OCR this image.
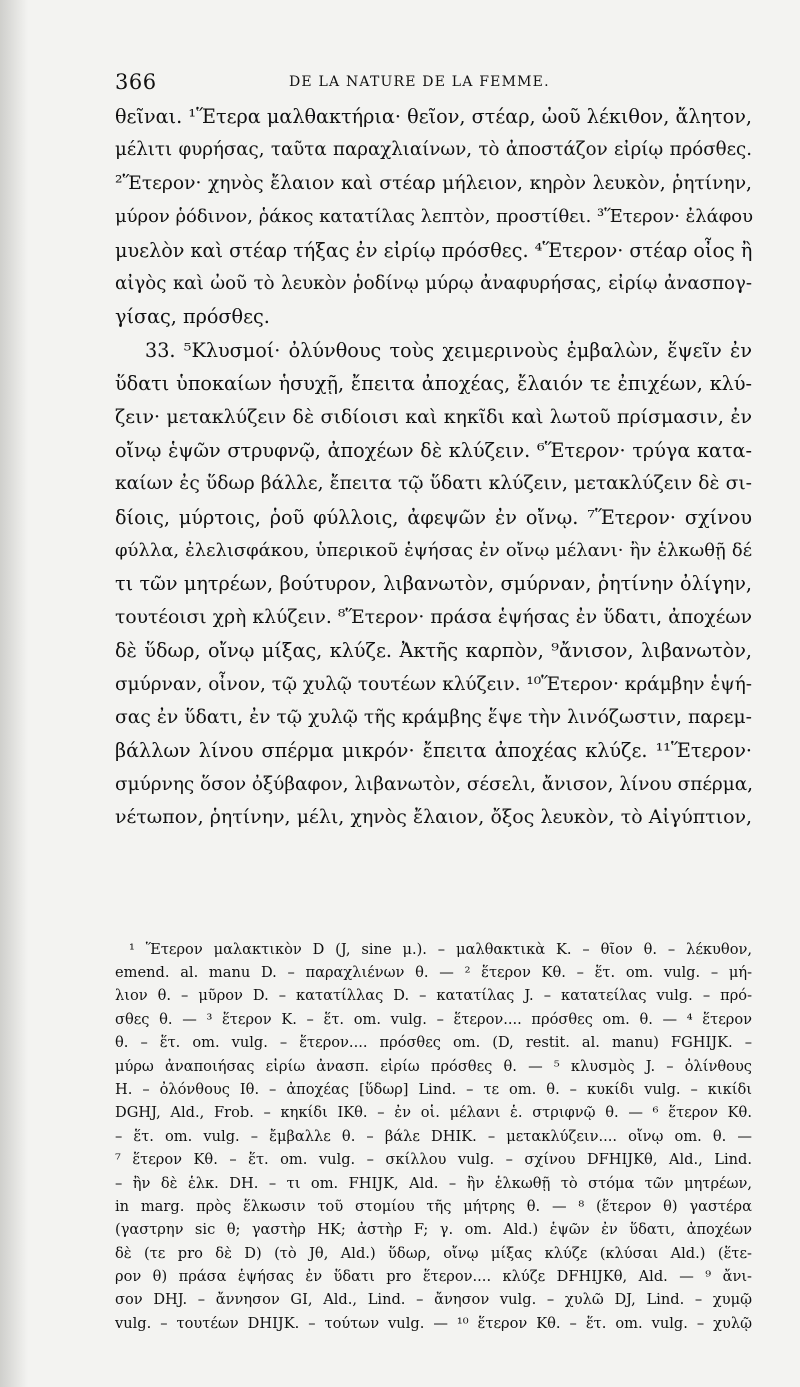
366	DE LA NATURE DE LA FEMME.
θεῖναι. ¹Ἕτερα μαλθακτήρια· θεῖον, στέαρ, ὠοῦ λέκιθον, ἄλητον,
μέλιτι φυρήσας, ταῦτα παραχλιαίνων, τὸ ἀποστάζον εἰρίῳ πρόσθες.
²Ἕτερον· χηνὸς ἔλαιον καὶ στέαρ μήλειον, κηρὸν λευκὸν, ῥητίνην,
μύρον ῥόδινον, ῥάκος κατατίλας λεπτὸν, προστίθει. ³Ἕτερον· ἐλάφου
μυελὸν καὶ στέαρ τήξας ἐν εἰρίῳ πρόσθες. ⁴Ἕτερον· στέαρ οἶος ἢ
αἰγὸς καὶ ὠοῦ τὸ λευκὸν ῥοδίνῳ μύρῳ ἀναφυρήσας, εἰρίῳ ἀνασπογ-
γίσας, πρόσθες.
33. ⁵Κλυσμοί· ὀλύνθους τοὺς χειμερινοὺς ἐμβαλὼν, ἕψεῖν ἐν
ὕδατι ὑποκαίων ἡσυχῇ, ἔπειτα ἀποχέας, ἔλαιόν τε ἐπιχέων, κλύ-
ζειν· μετακλύζειν δὲ σιδίοισι καὶ κηκῖδι καὶ λωτοῦ πρίσμασιν, ἐν
οἴνῳ ἑψῶν στρυφνῷ, ἀποχέων δὲ κλύζειν. ⁶Ἕτερον· τρύγα κατα-
καίων ἐς ὕδωρ βάλλε, ἔπειτα τῷ ὕδατι κλύζειν, μετακλύζειν δὲ σι-
δίοις, μύρτοις, ῥοῦ φύλλοις, ἀφεψῶν ἐν οἴνῳ. ⁷Ἕτερον· σχίνου
φύλλα, ἐλελισφάκου, ὑπερικοῦ ἑψήσας ἐν οἴνῳ μέλανι· ἢν ἑλκωθῇ δέ
τι τῶν μητρέων, βούτυρον, λιβανωτὸν, σμύρναν, ῥητίνην ὀλίγην,
τουτέοισι χρὴ κλύζειν. ⁸Ἕτερον· πράσα ἑψήσας ἐν ὕδατι, ἀποχέων
δὲ ὕδωρ, οἴνῳ μίξας, κλύζε. Ἀκτῆς καρπὸν, ⁹ἄνισον, λιβανωτὸν,
σμύρναν, οἶνον, τῷ χυλῷ τουτέων κλύζειν. ¹⁰Ἕτερον· κράμβην ἑψή-
σας ἐν ὕδατι, ἐν τῷ χυλῷ τῆς κράμβης ἕψε τὴν λινόζωστιν, παρεμ-
βάλλων λίνου σπέρμα μικρόν· ἔπειτα ἀποχέας κλύζε. ¹¹Ἕτερον·
σμύρνης ὅσον ὀξύβαφον, λιβανωτὸν, σέσελι, ἄνισον, λίνου σπέρμα,
νέτωπον, ῥητίνην, μέλι, χηνὸς ἔλαιον, ὄξος λευκὸν, τὸ Αἰγύπτιον,
¹ Ἕτερον μαλακτικὸν D (J, sine μ.). – μαλθακτικὰ K. – θῖον θ. – λέκυθον,
emend. al. manu D. – παραχλιένων θ. — ² ἕτερον Kθ. – ἕτ. om. vulg. – μή-
λιον θ. – μῦρον D. – κατατίλλας D. – κατατίλας J. – κατατείλας vulg. – πρό-
σθες θ. — ³ ἕτερον K. – ἕτ. om. vulg. – ἕτερον.... πρόσθες om. θ. — ⁴ ἕτερον
θ. – ἕτ. om. vulg. – ἕτερον.... πρόσθες om. (D, restit. al. manu) FGHIJK. –
μύρω ἀναποιήσας εἰρίω ἀνασπ. εἰρίω πρόσθες θ. — ⁵ κλυσμὸς J. – ὀλίνθους
H. – ὀλόνθους Iθ. – ἀποχέας [ὕδωρ] Lind. – τε om. θ. – κυκίδι vulg. – κικίδι
DGHJ, Ald., Frob. – κηκίδι IKθ. – ἐν οἱ. μέλανι ἑ. στριφνῷ θ. — ⁶ ἕτερον Kθ.
– ἕτ. om. vulg. – ἔμβαλλε θ. – βάλε DHIK. – μετακλύζειν.... οἴνῳ om. θ. —
⁷ ἕτερον Kθ. – ἕτ. om. vulg. – σκίλλου vulg. – σχίνου DFHIJKθ, Ald., Lind.
– ἢν δὲ ἑλκ. DH. – τι om. FHIJK, Ald. – ἢν ἑλκωθῇ τὸ στόμα τῶν μητρέων,
in marg. πρὸς ἕλκωσιν τοῦ στομίου τῆς μήτρης θ. — ⁸ (ἕτερον θ) γαστέρα
(γαστρην sic θ; γαστὴρ HK; ἀστὴρ F; γ. om. Ald.) ἑψῶν ἐν ὕδατι, ἀποχέων
δὲ (τε pro δὲ D) (τὸ Jθ, Ald.) ὕδωρ, οἴνῳ μίξας κλύζε (κλύσαι Ald.) (ἕτε-
ρον θ) πράσα ἑψήσας ἐν ὕδατι pro ἕτερον.... κλύζε DFHIJKθ, Ald. — ⁹ ἄνι-
σον DHJ. – ἄννησον GI, Ald., Lind. – ἄνησον vulg. – χυλῶ DJ, Lind. – χυμῷ
vulg. – τουτέων DHIJK. – τούτων vulg. — ¹⁰ ἕτερον Kθ. – ἕτ. om. vulg. – χυλῷ
